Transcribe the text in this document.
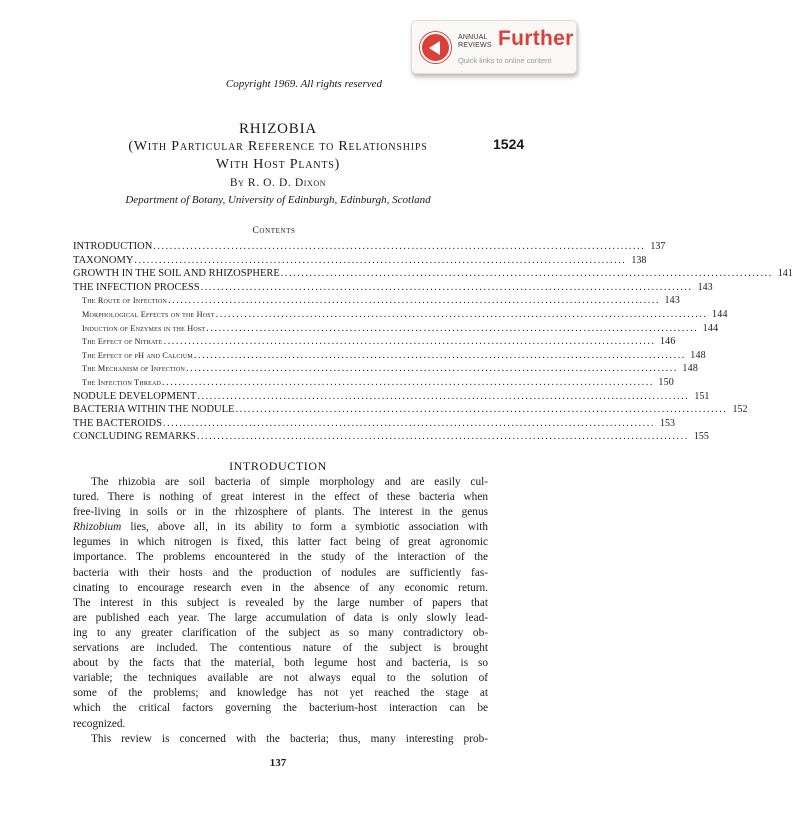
ANNUAL REVIEWS Further
Quick links to online content
Copyright 1969. All rights reserved
RHIZOBIA
(With Particular Reference to Relationships
With Host Plants)
1524
By R. O. D. Dixon
Department of Botany, University of Edinburgh, Edinburgh, Scotland
Contents
INTRODUCTION ........................................................................................................................ 137
TAXONOMY ........................................................................................................................ 138
GROWTH IN THE SOIL AND RHIZOSPHERE ........................................................................................................................ 141
THE INFECTION PROCESS ........................................................................................................................ 143
The Route of Infection ........................................................................................................................ 143
Morphological Effects on the Host ........................................................................................................................ 144
Induction of Enzymes in the Host ........................................................................................................................ 144
The Effect of Nitrate ........................................................................................................................ 146
The Effect of pH and Calcium ........................................................................................................................ 148
The Mechanism of Infection ........................................................................................................................ 148
The Infection Thread ........................................................................................................................ 150
NODULE DEVELOPMENT ........................................................................................................................ 151
BACTERIA WITHIN THE NODULE ........................................................................................................................ 152
THE BACTEROIDS ........................................................................................................................ 153
CONCLUDING REMARKS ........................................................................................................................ 155
INTRODUCTION
The rhizobia are soil bacteria of simple morphology and are easily cul-
tured. There is nothing of great interest in the effect of these bacteria when
free-living in soils or in the rhizosphere of plants. The interest in the genus
Rhizobium lies, above all, in its ability to form a symbiotic association with
legumes in which nitrogen is fixed, this latter fact being of great agronomic
importance. The problems encountered in the study of the interaction of the
bacteria with their hosts and the production of nodules are sufficiently fas-
cinating to encourage research even in the absence of any economic return.
The interest in this subject is revealed by the large number of papers that
are published each year. The large accumulation of data is only slowly lead-
ing to any greater clarification of the subject as so many contradictory ob-
servations are included. The contentious nature of the subject is brought
about by the facts that the material, both legume host and bacteria, is so
variable; the techniques available are not always equal to the solution of
some of the problems; and knowledge has not yet reached the stage at
which the critical factors governing the bacterium-host interaction can be
recognized.
This review is concerned with the bacteria; thus, many interesting prob-
137
